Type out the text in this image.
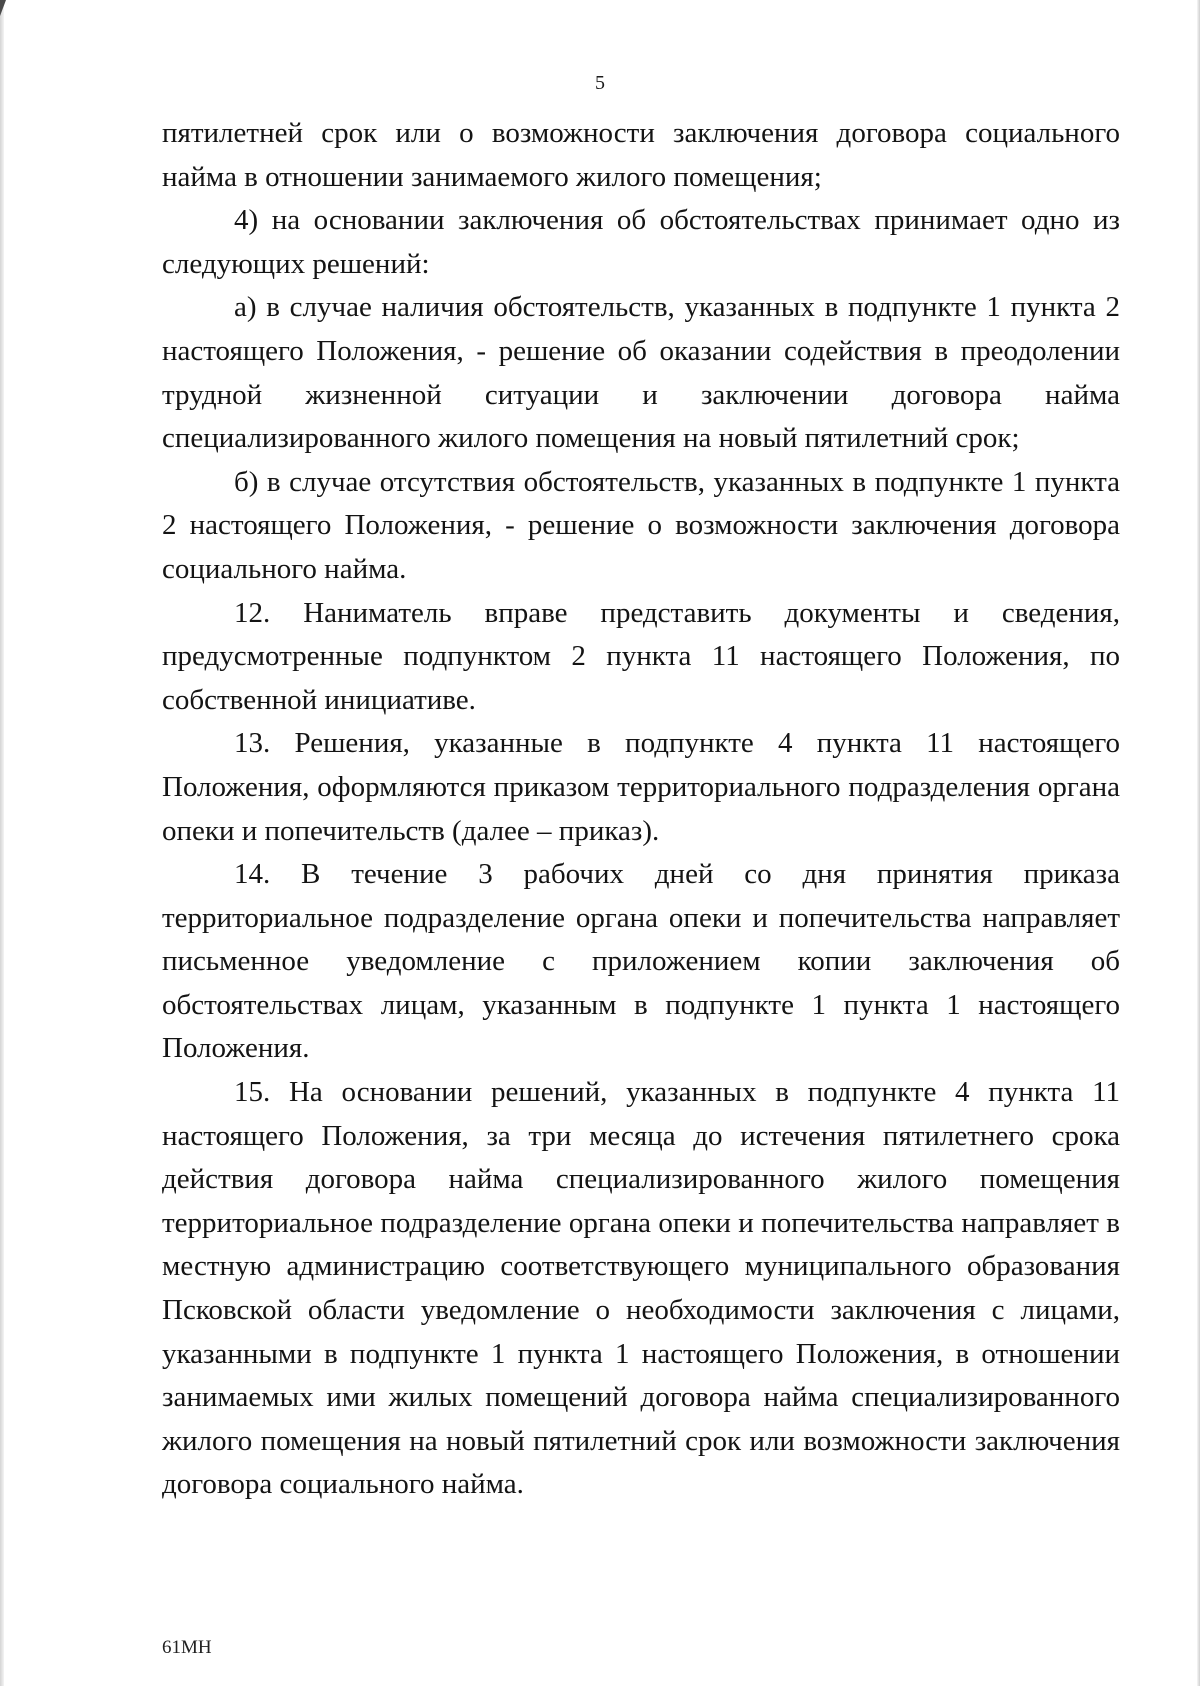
5

пятилетней срок или о возможности заключения договора социального найма в отношении занимаемого жилого помещения;

4) на основании заключения об обстоятельствах принимает одно из следующих решений:

а) в случае наличия обстоятельств, указанных в подпункте 1 пункта 2 настоящего Положения, - решение об оказании содействия в преодолении трудной жизненной ситуации и заключении договора найма специализированного жилого помещения на новый пятилетний срок;

б) в случае отсутствия обстоятельств, указанных в подпункте 1 пункта 2 настоящего Положения, - решение о возможности заключения договора социального найма.

12. Наниматель вправе представить документы и сведения, предусмотренные подпунктом 2 пункта 11 настоящего Положения, по собственной инициативе.

13. Решения, указанные в подпункте 4 пункта 11 настоящего Положения, оформляются приказом территориального подразделения органа опеки и попечительств (далее – приказ).

14. В течение 3 рабочих дней со дня принятия приказа территориальное подразделение органа опеки и попечительства направляет письменное уведомление с приложением копии заключения об обстоятельствах лицам, указанным в подпункте 1 пункта 1 настоящего Положения.

15. На основании решений, указанных в подпункте 4 пункта 11 настоящего Положения, за три месяца до истечения пятилетнего срока действия договора найма специализированного жилого помещения территориальное подразделение органа опеки и попечительства направляет в местную администрацию соответствующего муниципального образования Псковской области уведомление о необходимости заключения с лицами, указанными в подпункте 1 пункта 1 настоящего Положения, в отношении занимаемых ими жилых помещений договора найма специализированного жилого помещения на новый пятилетний срок или возможности заключения договора социального найма.

61МН
